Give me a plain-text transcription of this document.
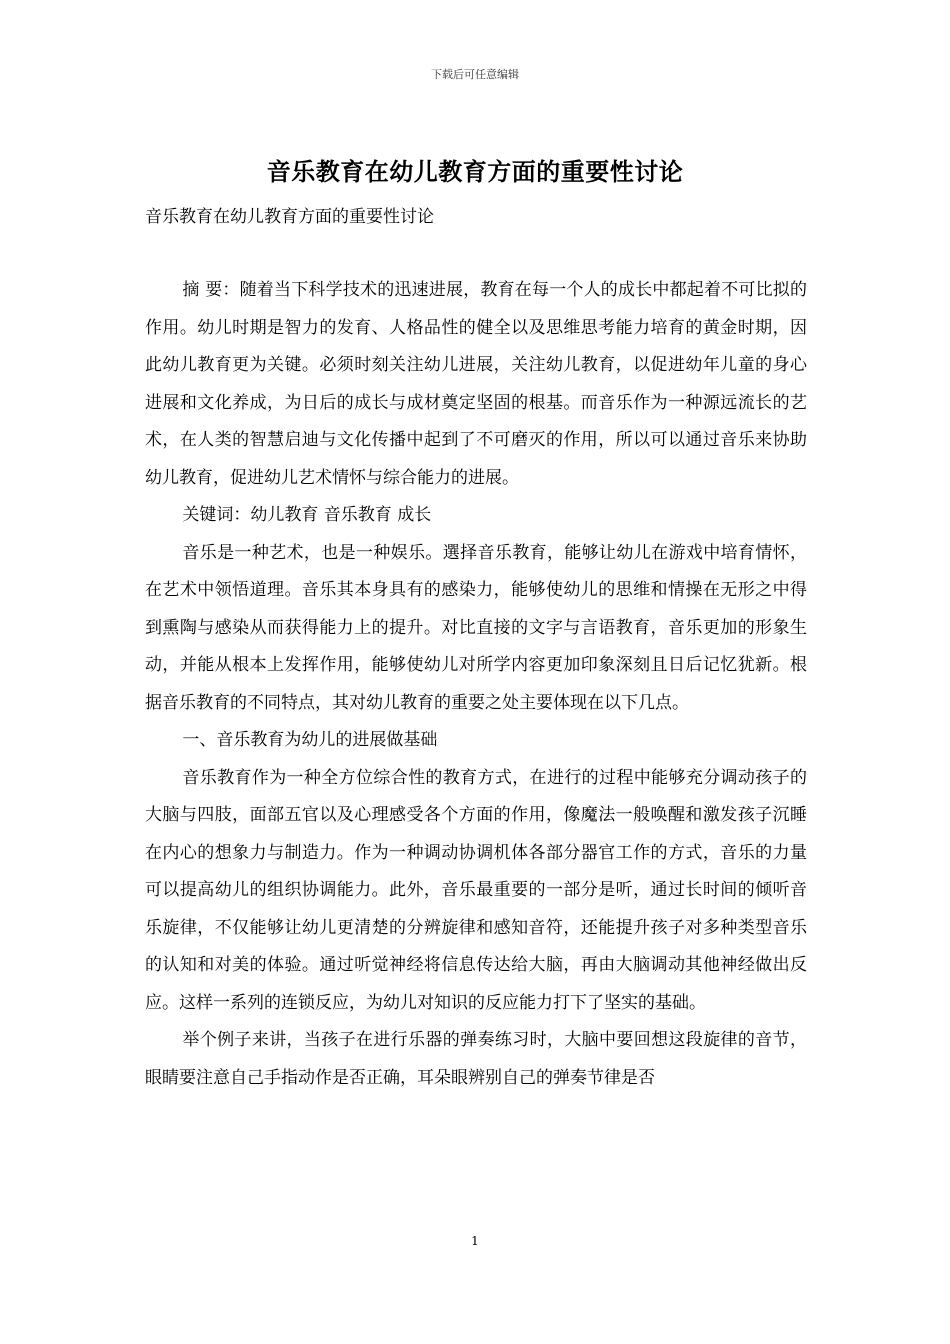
下载后可任意编辑
音乐教育在幼儿教育方面的重要性讨论
音乐教育在幼儿教育方面的重要性讨论

摘 要：随着当下科学技术的迅速进展，教育在每一个人的成长中都起着不可比拟的作用。幼儿时期是智力的发育、人格品性的健全以及思维思考能力培育的黄金时期，因此幼儿教育更为关键。必须时刻关注幼儿进展，关注幼儿教育，以促进幼年儿童的身心进展和文化养成，为日后的成长与成材奠定坚固的根基。而音乐作为一种源远流长的艺术，在人类的智慧启迪与文化传播中起到了不可磨灭的作用，所以可以通过音乐来协助幼儿教育，促进幼儿艺术情怀与综合能力的进展。

关键词：幼儿教育 音乐教育 成长

音乐是一种艺术，也是一种娱乐。選择音乐教育，能够让幼儿在游戏中培育情怀，在艺术中领悟道理。音乐其本身具有的感染力，能够使幼儿的思维和情操在无形之中得到熏陶与感染从而获得能力上的提升。对比直接的文字与言语教育，音乐更加的形象生动，并能从根本上发挥作用，能够使幼儿对所学内容更加印象深刻且日后记忆犹新。根据音乐教育的不同特点，其对幼儿教育的重要之处主要体现在以下几点。

一、音乐教育为幼儿的进展做基础

音乐教育作为一种全方位综合性的教育方式，在进行的过程中能够充分调动孩子的大脑与四肢，面部五官以及心理感受各个方面的作用，像魔法一般唤醒和激发孩子沉睡在内心的想象力与制造力。作为一种调动协调机体各部分器官工作的方式，音乐的力量可以提高幼儿的组织协调能力。此外，音乐最重要的一部分是听，通过长时间的倾听音乐旋律，不仅能够让幼儿更清楚的分辨旋律和感知音符，还能提升孩子对多种类型音乐的认知和对美的体验。通过听觉神经将信息传达给大脑，再由大脑调动其他神经做出反应。这样一系列的连锁反应，为幼儿对知识的反应能力打下了坚实的基础。

举个例子来讲，当孩子在进行乐器的弹奏练习时，大脑中要回想这段旋律的音节，眼睛要注意自己手指动作是否正确，耳朵眼辨别自己的弹奏节律是否

1
